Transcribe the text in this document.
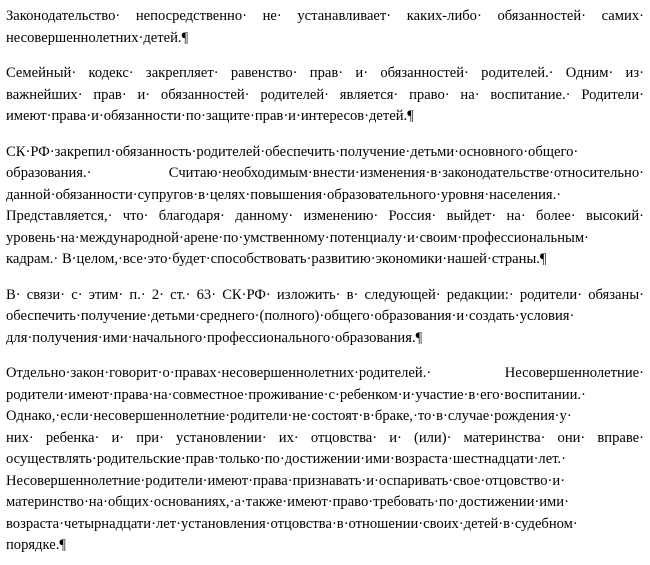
Законодательство· непосредственно· не· устанавливает· каких-либо· обязанностей· самих·
несовершеннолетних·детей.¶

Семейный· кодекс· закрепляет· равенство· прав· и· обязанностей· родителей.· Одним· из·
важнейших· прав· и· обязанностей· родителей· является· право· на· воспитание.· Родители·
имеют·права·и·обязанности·по·защите·прав·и·интересов·детей.¶

СК·РФ·закрепил·обязанность·родителей·обеспечить·получение·детьми·основного·общего·
образования.· Считаю·необходимым·внести·изменения·в·законодательстве·относительно·
данной·обязанности·супругов·в·целях·повышения·образовательного·уровня·населения.·
Представляется,· что· благодаря· данному· изменению· Россия· выйдет· на· более· высокий·
уровень·на·международной·арене·по·умственному·потенциалу·и·своим·профессиональным·
кадрам.· В·целом,·все·это·будет·способствовать·развитию·экономики·нашей·страны.¶

В· связи· с· этим· п.· 2· ст.· 63· СК·РФ· изложить· в· следующей· редакции:· родители· обязаны·
обеспечить·получение·детьми·среднего·(полного)·общего·образования·и·создать·условия·
для·получения·ими·начального·профессионального·образования.¶

Отдельно·закон·говорит·о·правах·несовершеннолетних·родителей.· Несовершеннолетние·
родители·имеют·права·на·совместное·проживание·с·ребенком·и·участие·в·его·воспитании.·
Однако,·если·несовершеннолетние·родители·не·состоят·в·браке,·то·в·случае·рождения·у·
них· ребенка· и· при· установлении· их· отцовства· и· (или)· материнства· они· вправе·
осуществлять·родительские·прав·только·по·достижении·ими·возраста·шестнадцати·лет.·
Несовершеннолетние·родители·имеют·права·признавать·и·оспаривать·свое·отцовство·и·
материнство·на·общих·основаниях,·а·также·имеют·право·требовать·по·достижении·ими·
возраста·четырнадцати·лет·установления·отцовства·в·отношении·своих·детей·в·судебном·
порядке.¶
